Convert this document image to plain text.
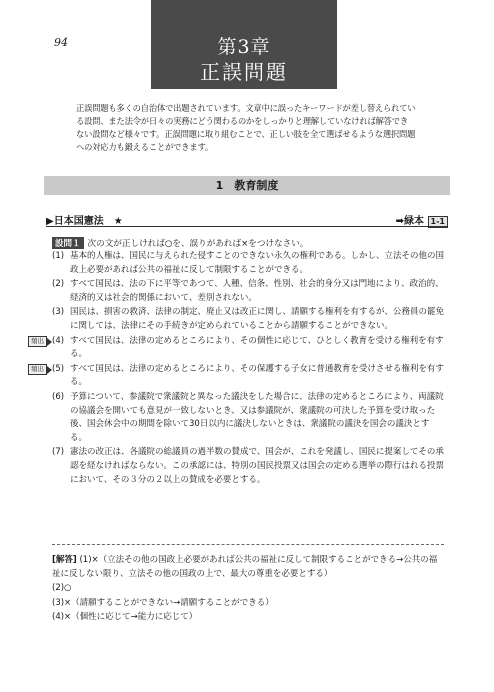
94	第3章
正誤問題
正誤問題も多くの自治体で出題されています。文章中に誤ったキーワードが差し替えられている設問、また法令が日々の実務にどう関わるのかをしっかりと理解していなければ解答できない設問など様々です。正誤問題に取り組むことで、正しい肢を全て選ばせるような選択問題への対応力も鍛えることができます。
1　教育制度
▶日本国憲法　★	➡緑本 1-1
設問１ 次の文が正しければ○を、誤りがあれば×をつけなさい。
(1) 基本的人権は、国民に与えられた侵すことのできない永久の権利である。しかし、立法その他の国政上必要があれば公共の福祉に反して制限することができる。
(2) すべて国民は、法の下に平等であつて、人種、信条、性別、社会的身分又は門地により、政治的、経済的又は社会的関係において、差別されない。
(3) 国民は、損害の救済、法律の制定、廃止又は改正に関し、請願する権利を有するが、公務員の罷免に関しては、法律にその手続きが定められていることから請願することができない。
頻出 (4) すべて国民は、法律の定めるところにより、その個性に応じて、ひとしく教育を受ける権利を有する。
頻出 (5) すべて国民は、法律の定めるところにより、その保護する子女に普通教育を受けさせる権利を有する。
(6) 予算について、参議院で衆議院と異なった議決をした場合に、法律の定めるところにより、両議院の協議会を開いても意見が一致しないとき、又は参議院が、衆議院の可決した予算を受け取った後、国会休会中の期間を除いて30日以内に議決しないときは、衆議院の議決を国会の議決とする。
(7) 憲法の改正は、各議院の総議員の過半数の賛成で、国会が、これを発議し、国民に提案してその承認を経なければならない。この承認には、特別の国民投票又は国会の定める選挙の際行はれる投票において、その３分の２以上の賛成を必要とする。
[解答] (1)×（立法その他の国政上必要があれば公共の福祉に反して制限することができる→公共の福祉に反しない限り、立法その他の国政の上で、最大の尊重を必要とする）
(2)○
(3)×（請願することができない→請願することができる）
(4)×（個性に応じて→能力に応じて）
